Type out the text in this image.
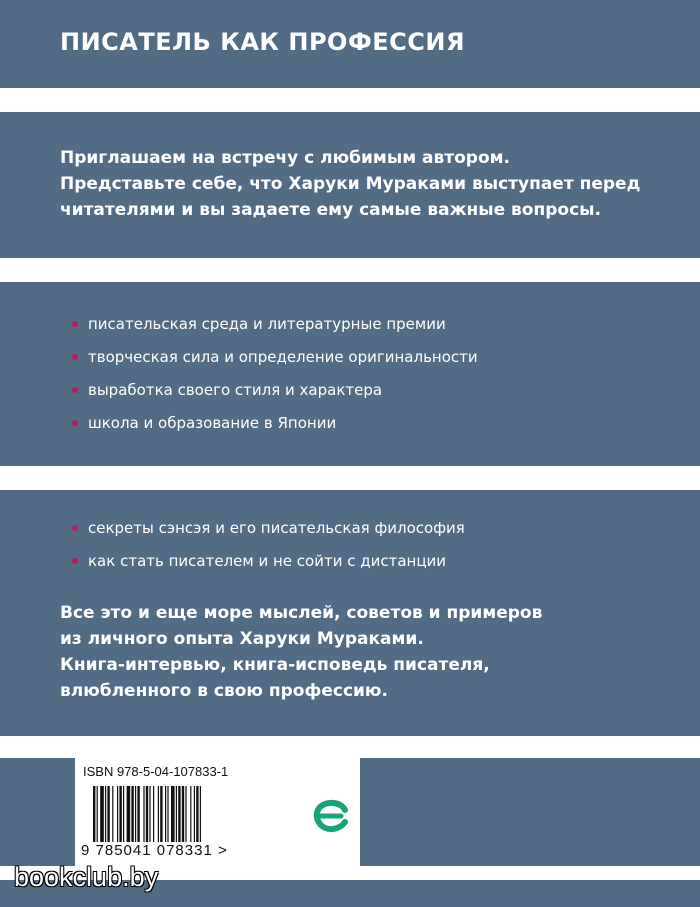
ПИСАТЕЛЬ КАК ПРОФЕССИЯ
Приглашаем на встречу с любимым автором.
Представьте себе, что Харуки Мураками выступает перед
читателями и вы задаете ему самые важные вопросы.
писательская среда и литературные премии
творческая сила и определение оригинальности
выработка своего стиля и характера
школа и образование в Японии
секреты сэнсэя и его писательская философия
как стать писателем и не сойти с дистанции
Все это и еще море мыслей, советов и примеров
из личного опыта Харуки Мураками.
Книга-интервью, книга-исповедь писателя,
влюбленного в свою профессию.
ISBN 978-5-04-107833-1
9 785041 078331 >
bookclub.by
